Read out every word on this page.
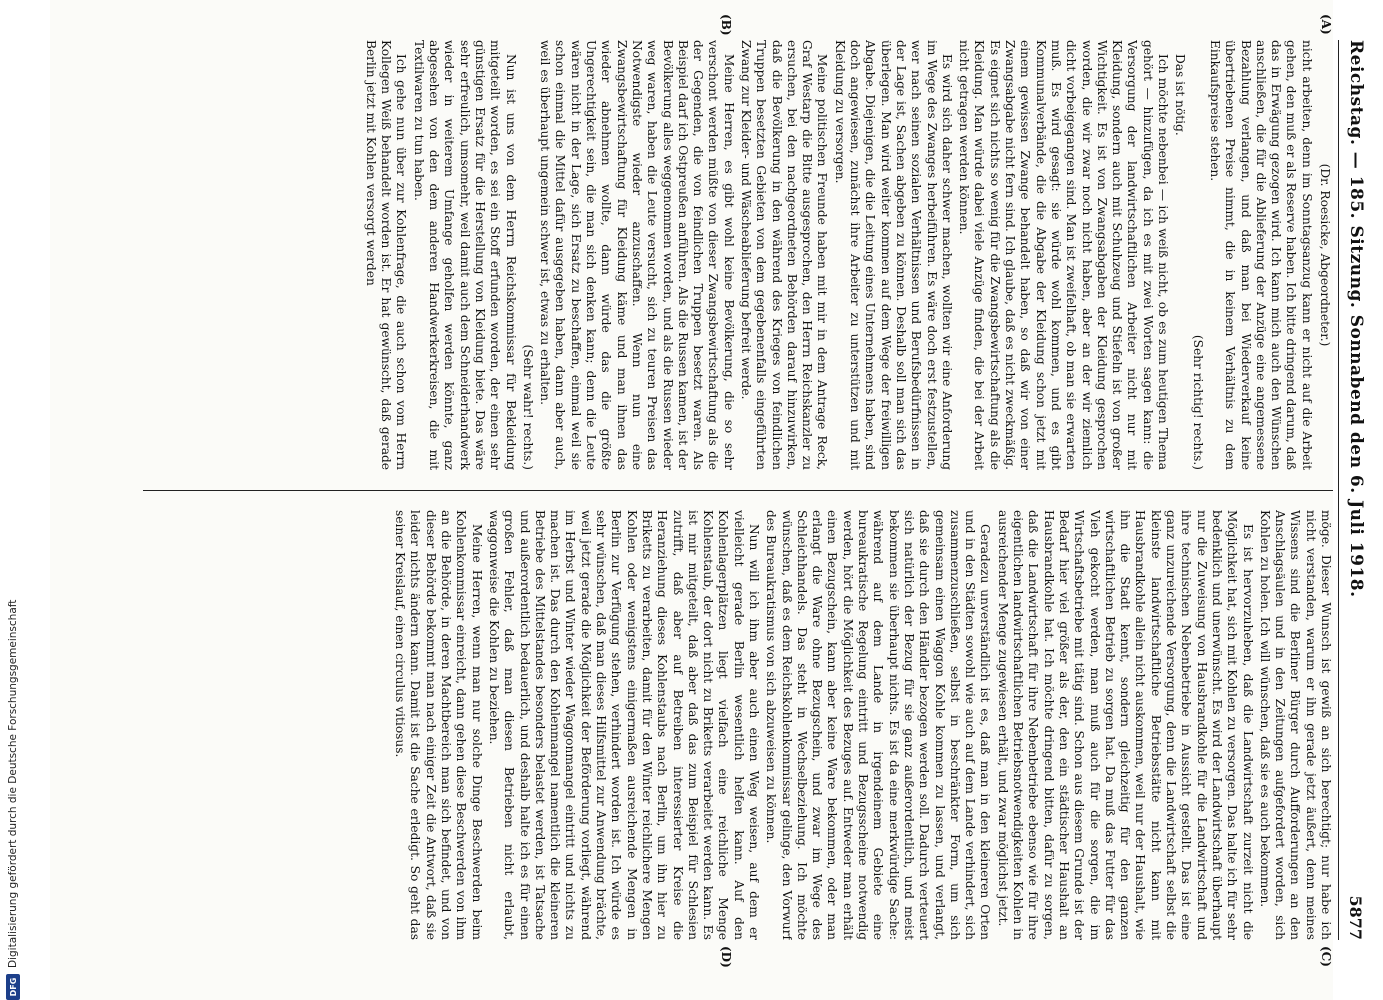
DFG
Digitalisierung gefördert durch die Deutsche Forschungsgemeinschaft
Reichstag. — 185. Sitzung. Sonnabend den 6. Juli 1918.
5877
(A)
(B)

(Dr. Roesicke, Abgeordneter.)

nicht arbeiten, denn im Sonntagsanzug kann er nicht auf die Arbeit gehen, den muß er als Reserve haben. Ich bitte dringend darum, daß das in Erwägung gezogen wird. Ich kann mich auch den Wünschen anschließen, die für die Ablieferung der Anzüge eine angemessene Bezahlung verlangen, und daß man bei Wiederverkauf keine übertriebenen Preise nimmt, die in keinem Verhältnis zu dem Einkaufspreise stehen.

(Sehr richtig! rechts.)

Das ist nötig.

Ich möchte nebenbei — ich weiß nicht, ob es zum heutigen Thema gehört — hinzufügen, da ich es mit zwei Worten sagen kann: die Versorgung der landwirtschaftlichen Arbeiter nicht nur mit Kleidung, sondern auch mit Schuhzeug und Stiefeln ist von großer Wichtigkeit. Es ist von Zwangsabgaben der Kleidung gesprochen worden, die wir zwar noch nicht haben, aber an der wir ziemlich dicht vorbeigegangen sind. Man ist zweifelhaft, ob man sie erwarten muß. Es wird gesagt: sie würde wohl kommen, und es gibt Kommunalverbände, die die Abgabe der Kleidung schon jetzt mit einem gewissen Zwange behandelt haben, so daß wir von einer Zwangsabgabe nicht fern sind. Ich glaube, daß es nicht zweckmäßig. Es eignet sich nichts so wenig für die Zwangsbewirtschaftung als die Kleidung. Man würde dabei viele Anzüge finden, die bei der Arbeit nicht getragen werden können.

Es wird sich daher schwer machen, wollten wir eine Anforderung im Wege des Zwanges herbeiführen. Es wäre doch erst festzustellen, wer nach seinen sozialen Verhältnissen und Berufsbedürfnissen in der Lage ist, Sachen abgeben zu können. Deshalb soll man sich das überlegen. Man wird weiter kommen auf dem Wege der freiwilligen Abgabe. Diejenigen, die die Leitung eines Unternehmens haben, sind doch angewiesen, zunächst ihre Arbeiter zu unterstützen und mit Kleidung zu versorgen.

Meine politischen Freunde haben mit mir in dem Antrage Reck, Graf Westarp die Bitte ausgesprochen, den Herrn Reichskanzler zu ersuchen, bei den nachgeordneten Behörden darauf hinzuwirken, daß die Bevölkerung in den während des Krieges von feindlichen Truppen besetzten Gebieten von dem gegebenenfalls eingeführten Zwang zur Kleider- und Wäscheablieferung befreit werde.

Meine Herren, es gibt wohl keine Bevölkerung, die so sehr verschont werden müßte von dieser Zwangsbewirtschaftung als die der Gegenden, die von feindlichen Truppen besetzt waren. Als Beispiel darf ich Ostpreußen anführen. Als die Russen kamen, ist der Bevölkerung alles weggenommen worden, und als die Russen wieder weg waren, haben die Leute versucht, sich zu teuren Preisen das Notwendigste wieder anzuschaffen. Wenn nun eine Zwangsbewirtschaftung für Kleidung käme und man ihnen das wieder abnehmen wollte, dann würde das die größte Ungerechtigkeit sein, die man sich denken kann; denn die Leute wären nicht in der Lage, sich Ersatz zu beschaffen, einmal weil sie schon einmal die Mittel dafür ausgegeben haben, dann aber auch, weil es überhaupt ungemein schwer ist, etwas zu erhalten.

(Sehr wahr! rechts.)

Nun ist uns von dem Herrn Reichskommissar für Bekleidung mitgeteilt worden, es sei ein Stoff erfunden worden, der einen sehr günstigen Ersatz für die Herstellung von Kleidung biete. Das wäre sehr erfreulich, umsomehr, weil damit auch dem Schneiderhandwerk wieder in weiterem Umfange geholfen werden könnte, ganz abgesehen von den dem anderen Handwerkerkreisen, die mit Textilwaren zu tun haben.

Ich gehe nun über zur Kohlenfrage, die auch schon vom Herrn Kollegen Weiß behandelt worden ist. Er hat gewünscht, daß gerade Berlin jetzt mit Kohlen versorgt werden

möge. Dieser Wunsch ist gewiß an sich berechtigt; nur habe ich nicht verstanden, warum er ihn gerade jetzt äußert, denn meines Wissens sind die Berliner Bürger durch Aufforderungen an den Anschlagsäulen und in den Zeitungen aufgefordert worden, sich Kohlen zu holen. Ich will wünschen, daß sie es auch bekommen.

Es ist hervorzuheben, daß die Landwirtschaft zurzeit nicht die Möglichkeit hat, sich mit Kohlen zu versorgen. Das halte ich für sehr bedenklich und unerwünscht. Es wird der Landwirtschaft überhaupt nur die Zuweisung von Hausbrandkohle für die Landwirtschaft und ihre technischen Nebenbetriebe in Aussicht gestellt. Das ist eine ganz unzureichende Versorgung, denn die Landwirtschaft selbst die kleinste landwirtschaftliche Betriebsstätte nicht kann mit Hausbrandkohle allein nicht auskommen, weil nur der Haushalt, wie ihn die Stadt kennt, sondern gleichzeitig für den ganzen wirtschaftlichen Betrieb zu sorgen hat. Da muß das Futter für das Vieh gekocht werden, man muß auch für die sorgen, die im Wirtschaftsbetriebe mit tätig sind. Schon aus diesem Grunde ist der Bedarf hier viel größer als der, den ein städtischer Haushalt an Hausbrandkohle hat. Ich möchte dringend bitten, dafür zu sorgen, daß die Landwirtschaft für ihre Nebenbetriebe ebenso wie für ihre eigentlichen landwirtschaftlichen Betriebsnotwendigkeiten Kohlen in ausreichender Menge zugewiesen erhält, und zwar möglichst jetzt.

Geradezu unverständlich ist es, daß man in den kleineren Orten und in den Städten sowohl wie auch auf dem Lande verhindert, sich zusammenzuschließen, selbst in beschränkter Form, um sich gemeinsam einen Waggon Kohle kommen zu lassen, und verlangt, daß sie durch den Händler bezogen werden soll. Dadurch verteuert sich natürlich der Bezug für sie ganz außerordentlich, und meist bekommen sie überhaupt nichts. Es ist da eine merkwürdige Sache: während auf dem Lande in irgendeinem Gebiete eine bureaukratische Regelung eintritt und Bezugsscheine notwendig werden, hört die Möglichkeit des Bezuges auf. Entweder man erhält einen Bezugschein, kann aber keine Ware bekommen, oder man erlangt die Ware ohne Bezugschein, und zwar im Wege des Schleichhandels. Das steht in Wechselbeziehung. Ich möchte wünschen, daß es dem Reichskohlenkommissar gelinge, den Vorwurf des Bureaukratismus von sich abzuweisen zu können.

Nun will ich ihm aber auch einen Weg weisen, auf dem er vielleicht gerade Berlin wesentlich helfen kann. Auf den Kohlenlagerplätzen liegt vielfach eine reichliche Menge Kohlenstaub, der dort nicht zu Briketts verarbeitet werden kann. Es ist mir mitgeteilt, daß aber daß das zum Beispiel für Schlesien zutrifft, daß aber auf Betreiben interessierter Kreise die Heranziehung dieses Kohlenstaubs nach Berlin, um ihn hier zu Briketts zu verarbeiten, damit für den Winter reichlichere Mengen Kohlen oder wenigstens einigermaßen ausreichende Mengen in Berlin zur Verfügung stehen, verhindert worden ist. Ich würde es sehr wünschen, daß man dieses Hilfsmittel zur Anwendung brächte, weil jetzt gerade die Möglichkeit der Beförderung vorliegt, während im Herbst und Winter wieder Waggonmangel eintritt und nichts zu machen ist. Das durch den Kohlenmangel namentlich die kleineren Betriebe des Mittelstandes besonders belastet werden, ist Tatsache und außerordentlich bedauerlich, und deshalb halte ich es für einen großen Fehler, daß man diesen Betrieben nicht erlaubt, waggonweise die Kohlen zu beziehen.

Meine Herren, wenn man nur solche Dinge Beschwerden beim Kohlenkommissar einreicht, dann gehen diese Beschwerden von ihm an die Behörde, in deren Machtbereich man sich befindet, und von dieser Behörde bekommt man nach einiger Zeit die Antwort, daß sie leider nichts ändern kann. Damit ist die Sache erledigt. So geht das seiner Kreislauf, einen circulus vitiosus.

(C)
(D)
